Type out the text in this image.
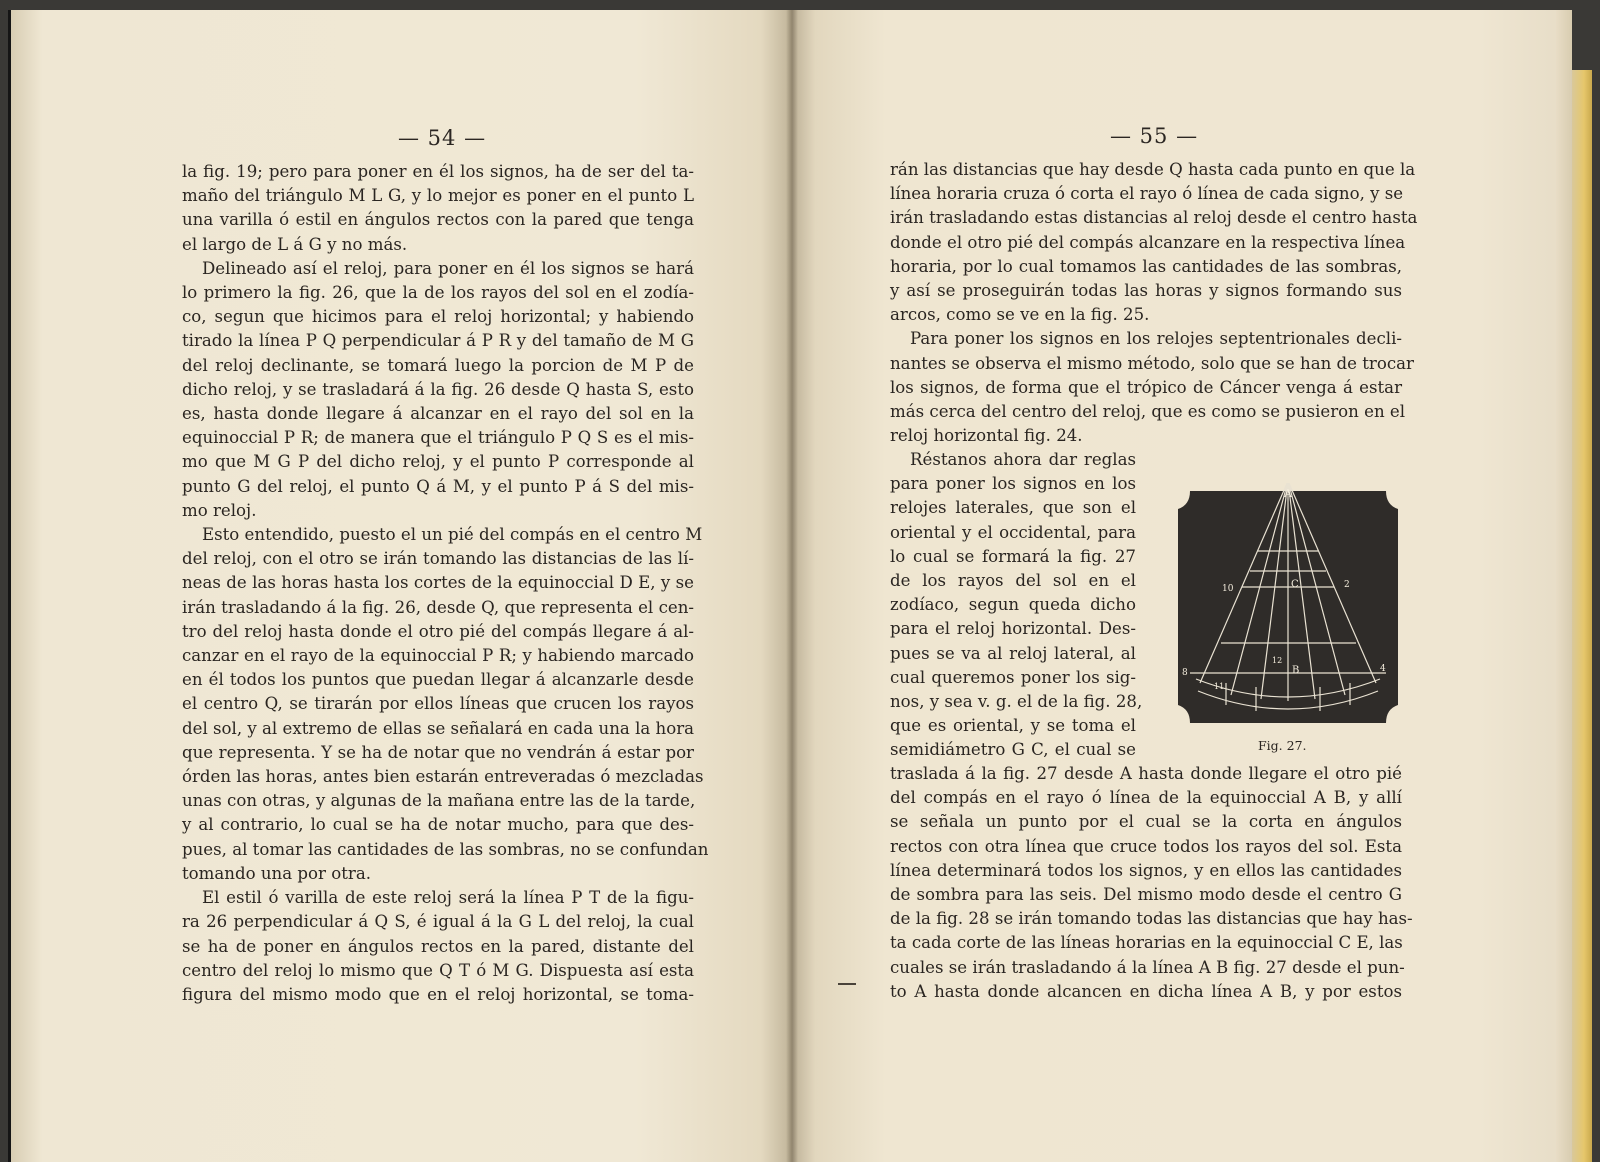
— 54 —	— 55 —
la fig. 19; pero para poner en él los signos, ha de ser del ta-
maño del triángulo M L G, y lo mejor es poner en el punto L
una varilla ó estil en ángulos rectos con la pared que tenga
el largo de L á G y no más.
Delineado así el reloj, para poner en él los signos se hará
lo primero la fig. 26, que la de los rayos del sol en el zodía-
co, segun que hicimos para el reloj horizontal; y habiendo
tirado la línea P Q perpendicular á P R y del tamaño de M G
del reloj declinante, se tomará luego la porcion de M P de
dicho reloj, y se trasladará á la fig. 26 desde Q hasta S, esto
es, hasta donde llegare á alcanzar en el rayo del sol en la
equinoccial P R; de manera que el triángulo P Q S es el mis-
mo que M G P del dicho reloj, y el punto P corresponde al
punto G del reloj, el punto Q á M, y el punto P á S del mis-
mo reloj.
Esto entendido, puesto el un pié del compás en el centro M
del reloj, con el otro se irán tomando las distancias de las lí-
neas de las horas hasta los cortes de la equinoccial D E, y se
irán trasladando á la fig. 26, desde Q, que representa el cen-
tro del reloj hasta donde el otro pié del compás llegare á al-
canzar en el rayo de la equinoccial P R; y habiendo marcado
en él todos los puntos que puedan llegar á alcanzarle desde
el centro Q, se tirarán por ellos líneas que crucen los rayos
del sol, y al extremo de ellas se señalará en cada una la hora
que representa. Y se ha de notar que no vendrán á estar por
órden las horas, antes bien estarán entreveradas ó mezcladas
unas con otras, y algunas de la mañana entre las de la tarde,
y al contrario, lo cual se ha de notar mucho, para que des-
pues, al tomar las cantidades de las sombras, no se confundan
tomando una por otra.
El estil ó varilla de este reloj será la línea P T de la figu-
ra 26 perpendicular á Q S, é igual á la G L del reloj, la cual
se ha de poner en ángulos rectos en la pared, distante del
centro del reloj lo mismo que Q T ó M G. Dispuesta así esta
figura del mismo modo que en el reloj horizontal, se toma-
rán las distancias que hay desde Q hasta cada punto en que la
línea horaria cruza ó corta el rayo ó línea de cada signo, y se
irán trasladando estas distancias al reloj desde el centro hasta
donde el otro pié del compás alcanzare en la respectiva línea
horaria, por lo cual tomamos las cantidades de las sombras,
y así se proseguirán todas las horas y signos formando sus
arcos, como se ve en la fig. 25.
Para poner los signos en los relojes septentrionales decli-
nantes se observa el mismo método, solo que se han de trocar
los signos, de forma que el trópico de Cáncer venga á estar
más cerca del centro del reloj, que es como se pusieron en el
reloj horizontal fig. 24.
Réstanos ahora dar reglas
para poner los signos en los
relojes laterales, que son el
oriental y el occidental, para
lo cual se formará la fig. 27
de los rayos del sol en el
zodíaco, segun queda dicho
para el reloj horizontal. Des-
pues se va al reloj lateral, al
cual queremos poner los sig-
nos, y sea v. g. el de la fig. 28,
que es oriental, y se toma el
semidiámetro G C, el cual se
traslada á la fig. 27 desde A hasta donde llegare el otro pié
del compás en el rayo ó línea de la equinoccial A B, y allí
se señala un punto por el cual se la corta en ángulos
rectos con otra línea que cruce todos los rayos del sol. Esta
línea determinará todos los signos, y en ellos las cantidades
de sombra para las seis. Del mismo modo desde el centro G
de la fig. 28 se irán tomando todas las distancias que hay has-
ta cada corte de las líneas horarias en la equinoccial C E, las
cuales se irán trasladando á la línea A B fig. 27 desde el pun-
to A hasta donde alcancen en dicha línea A B, y por estos
A
C
B
10	2
8
11
12
4
Fig. 27.
